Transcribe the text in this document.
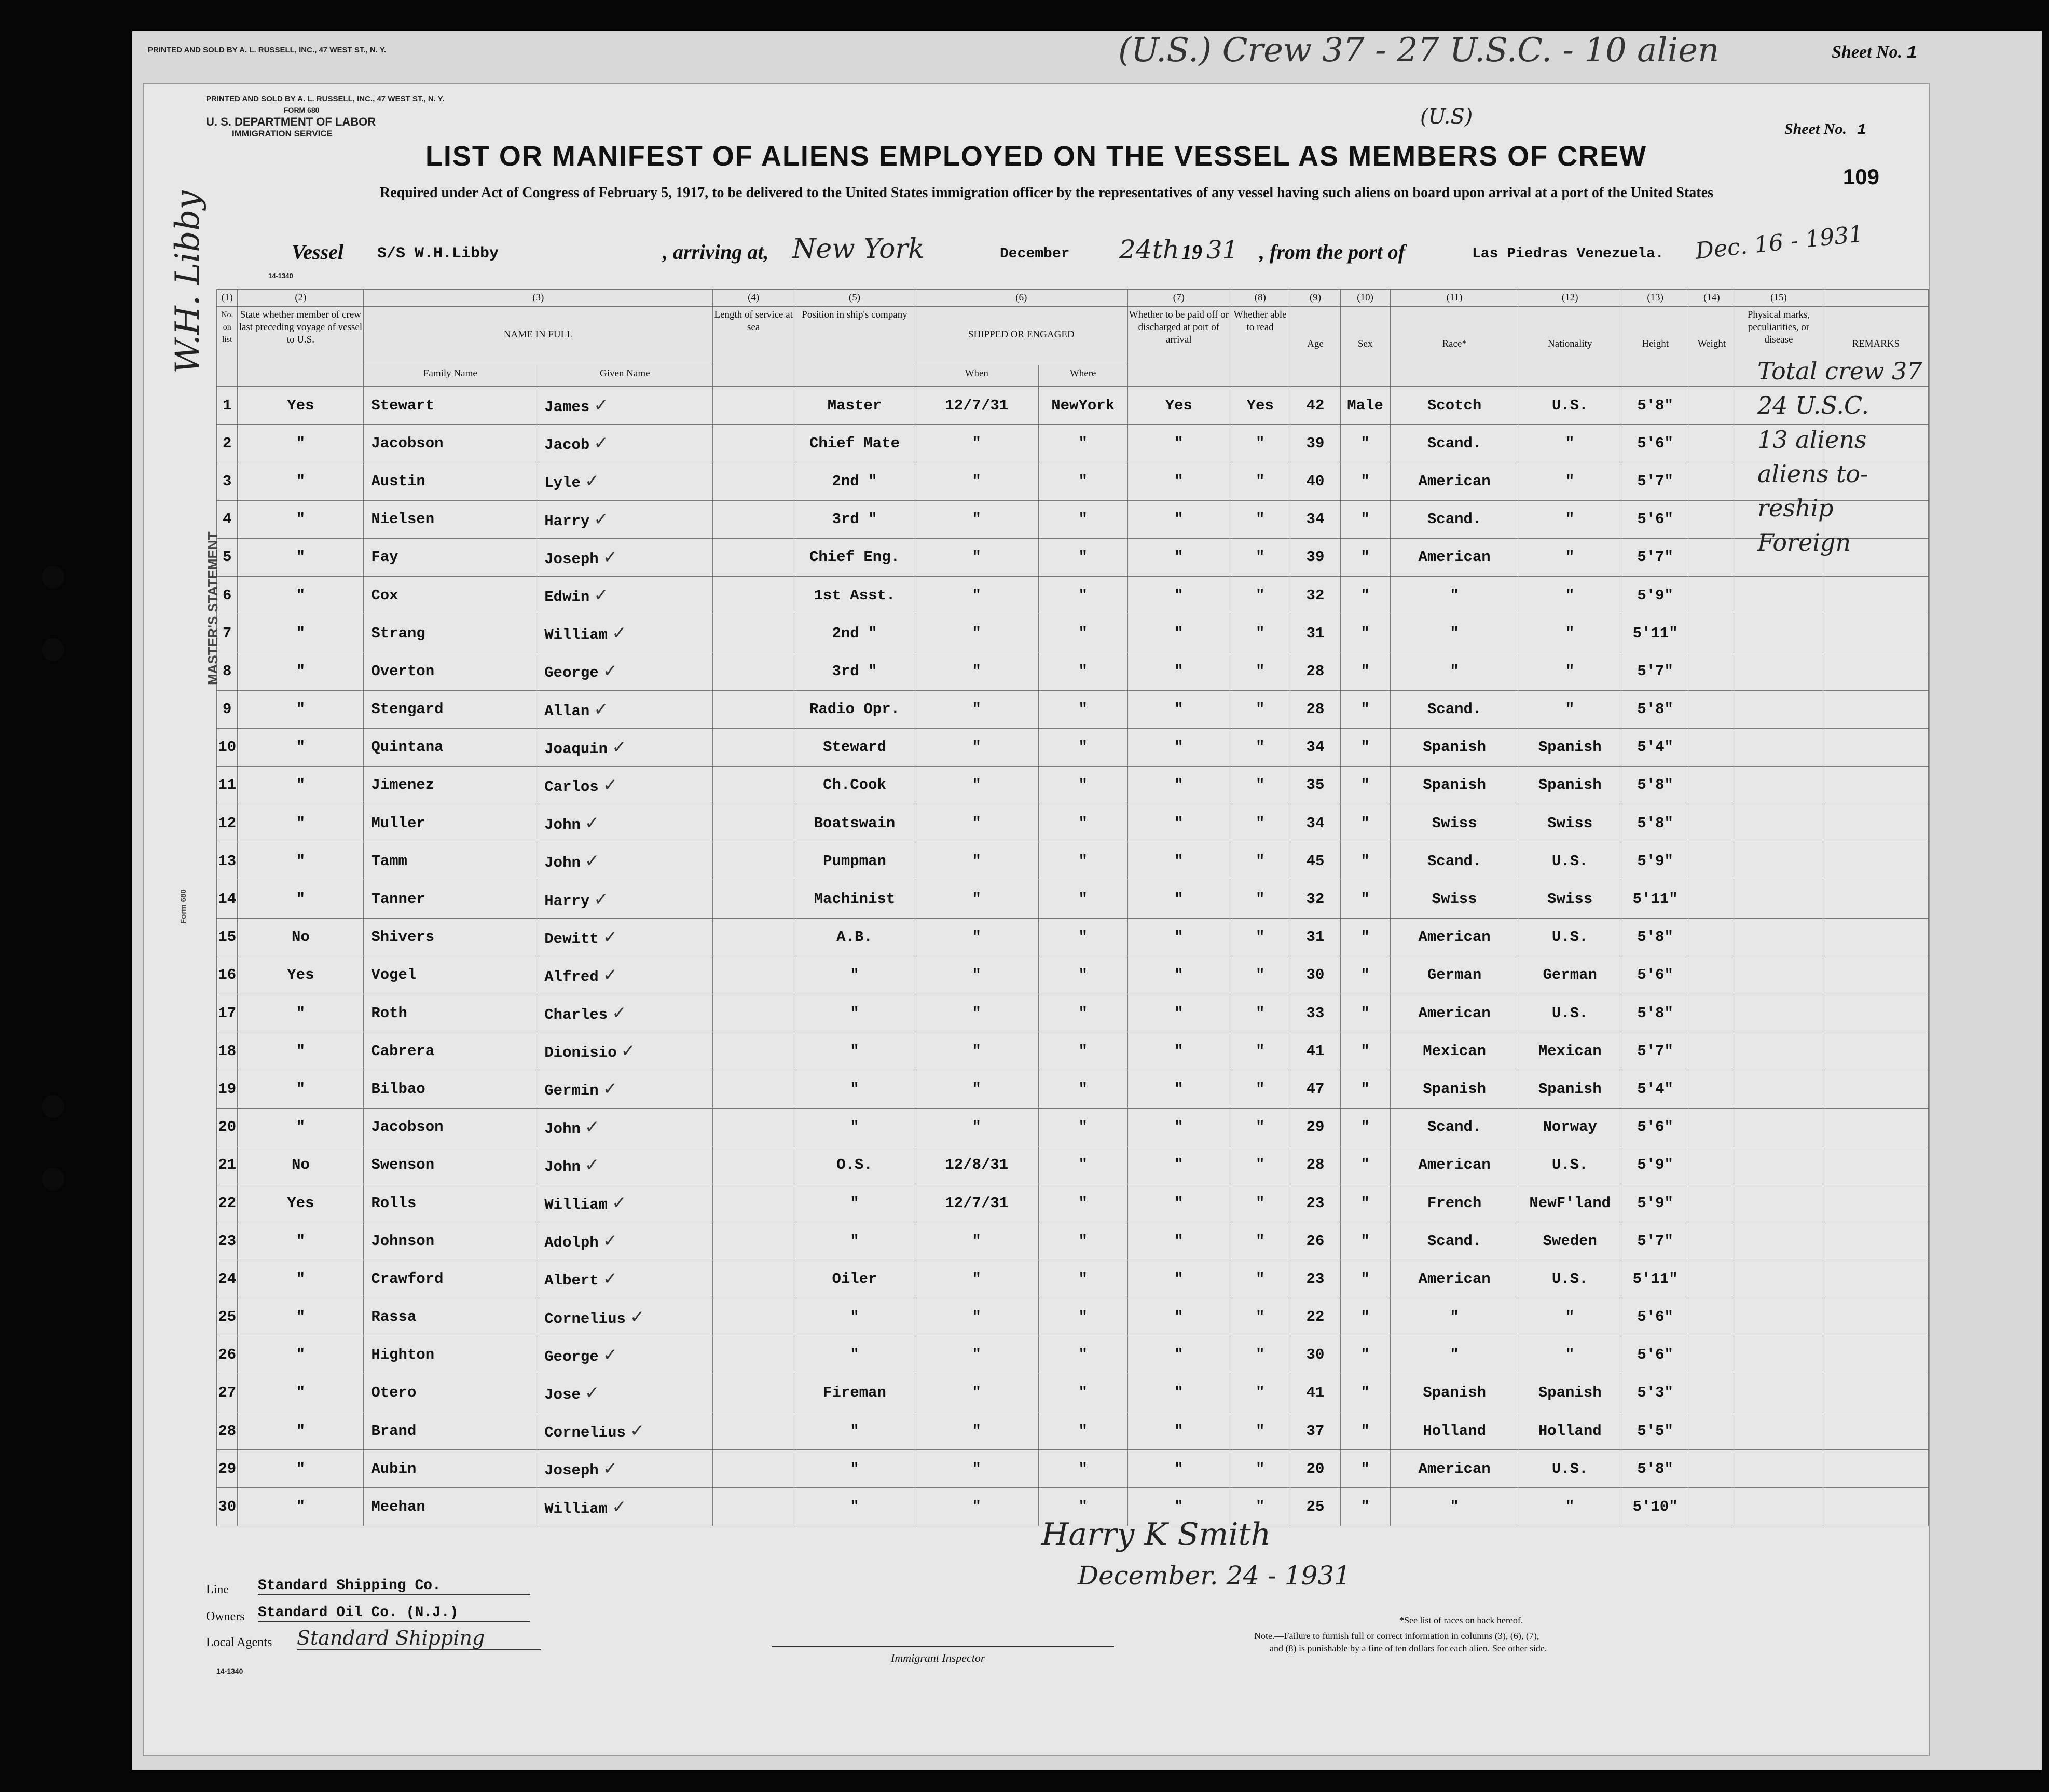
PRINTED AND SOLD BY A. L. RUSSELL, INC., 47 WEST ST., N. Y.	(U.S.) Crew 37 - 27 U.S.C. - 10 alien	Sheet No. 1
PRINTED AND SOLD BY A. L. RUSSELL, INC., 47 WEST ST., N. Y.
FORM 680
U. S. DEPARTMENT OF LABOR
IMMIGRATION SERVICE
(U.S)
Sheet No. 1
LIST OR MANIFEST OF ALIENS EMPLOYED ON THE VESSEL AS MEMBERS OF CREW
109
Required under Act of Congress of February 5, 1917, to be delivered to the United States immigration officer by the representatives of any vessel having such aliens on board upon arrival at a port of the United States
Vessel S/S W.H.Libby	, arriving at, New York	December 24th 19 31 , from the port of	Las Piedras Venezuela. Dec. 16 - 1931
14-1340
(1)	(2)	(3)		(4)	(5)	(6)		(7)	(8)	(9)	(10)	(11)	(12)	(13)	(14)	(15)	
No. on list	State whether member of crew last preceding voyage of vessel to U.S.	NAME IN FULL		Length of service at sea	Position in ship's company	SHIPPED OR ENGAGED		Whether to be paid off or discharged at port of arrival	Whether able to read	Age	Sex	Race*	Nationality	Height	Weight	Physical marks, peculiarities, or disease	REMARKS
		Family Name	Given Name			When	Where										
1	Yes	Stewart	James ✓		Master	12/7/31	NewYork	Yes	Yes	42	Male	Scotch	U.S.	5'8"			
2	"	Jacobson	Jacob ✓		Chief Mate	"	"	"	"	39	"	Scand.	"	5'6"			
3	"	Austin	Lyle ✓		2nd "	"	"	"	"	40	"	American	"	5'7"			
4	"	Nielsen	Harry ✓		3rd "	"	"	"	"	34	"	Scand.	"	5'6"			
5	"	Fay	Joseph ✓		Chief Eng.	"	"	"	"	39	"	American	"	5'7"			
6	"	Cox	Edwin ✓		1st Asst.	"	"	"	"	32	"	"	"	5'9"			
7	"	Strang	William ✓		2nd "	"	"	"	"	31	"	"	"	5'11"			
8	"	Overton	George ✓		3rd "	"	"	"	"	28	"	"	"	5'7"			
9	"	Stengard	Allan ✓		Radio Opr.	"	"	"	"	28	"	Scand.	"	5'8"			
10	"	Quintana	Joaquin ✓		Steward	"	"	"	"	34	"	Spanish	Spanish	5'4"			
11	"	Jimenez	Carlos ✓		Ch.Cook	"	"	"	"	35	"	Spanish	Spanish	5'8"			
12	"	Muller	John ✓		Boatswain	"	"	"	"	34	"	Swiss	Swiss	5'8"			
13	"	Tamm	John ✓		Pumpman	"	"	"	"	45	"	Scand.	U.S.	5'9"			
14	"	Tanner	Harry ✓		Machinist	"	"	"	"	32	"	Swiss	Swiss	5'11"			
15	No	Shivers	Dewitt ✓		A.B.	"	"	"	"	31	"	American	U.S.	5'8"			
16	Yes	Vogel	Alfred ✓		"	"	"	"	"	30	"	German	German	5'6"			
17	"	Roth	Charles ✓		"	"	"	"	"	33	"	American	U.S.	5'8"			
18	"	Cabrera	Dionisio ✓		"	"	"	"	"	41	"	Mexican	Mexican	5'7"			
19	"	Bilbao	Germin ✓		"	"	"	"	"	47	"	Spanish	Spanish	5'4"			
20	"	Jacobson	John ✓		"	"	"	"	"	29	"	Scand.	Norway	5'6"			
21	No	Swenson	John ✓		O.S.	12/8/31	"	"	"	28	"	American	U.S.	5'9"			
22	Yes	Rolls	William ✓		"	12/7/31	"	"	"	23	"	French	NewF'land	5'9"			
23	"	Johnson	Adolph ✓		"	"	"	"	"	26	"	Scand.	Sweden	5'7"			
24	"	Crawford	Albert ✓		Oiler	"	"	"	"	23	"	American	U.S.	5'11"			
25	"	Rassa	Cornelius ✓		"	"	"	"	"	22	"	"	"	5'6"			
26	"	Highton	George ✓		"	"	"	"	"	30	"	"	"	5'6"			
27	"	Otero	Jose ✓		Fireman	"	"	"	"	41	"	Spanish	Spanish	5'3"			
28	"	Brand	Cornelius ✓		"	"	"	"	"	37	"	Holland	Holland	5'5"			
29	"	Aubin	Joseph ✓		"	"	"	"	"	20	"	American	U.S.	5'8"			
30	"	Meehan	William ✓		"	"	"	"	"	25	"	"	"	5'10"			
Total crew 37
24 U.S.C.
13 aliens
aliens to-reship
Foreign
Harry K Smith
December. 24 - 1931
Line Standard Shipping Co.
Owners Standard Oil Co. (N.J.)
Local Agents Standard Shipping
Immigrant Inspector
*See list of races on back hereof.
Note.—Failure to furnish full or correct information in columns (3), (6), (7),
and (8) is punishable by a fine of ten dollars for each alien. See other side.
14-1340
W.H. Libby
MASTER'S STATEMENT
Form 680
